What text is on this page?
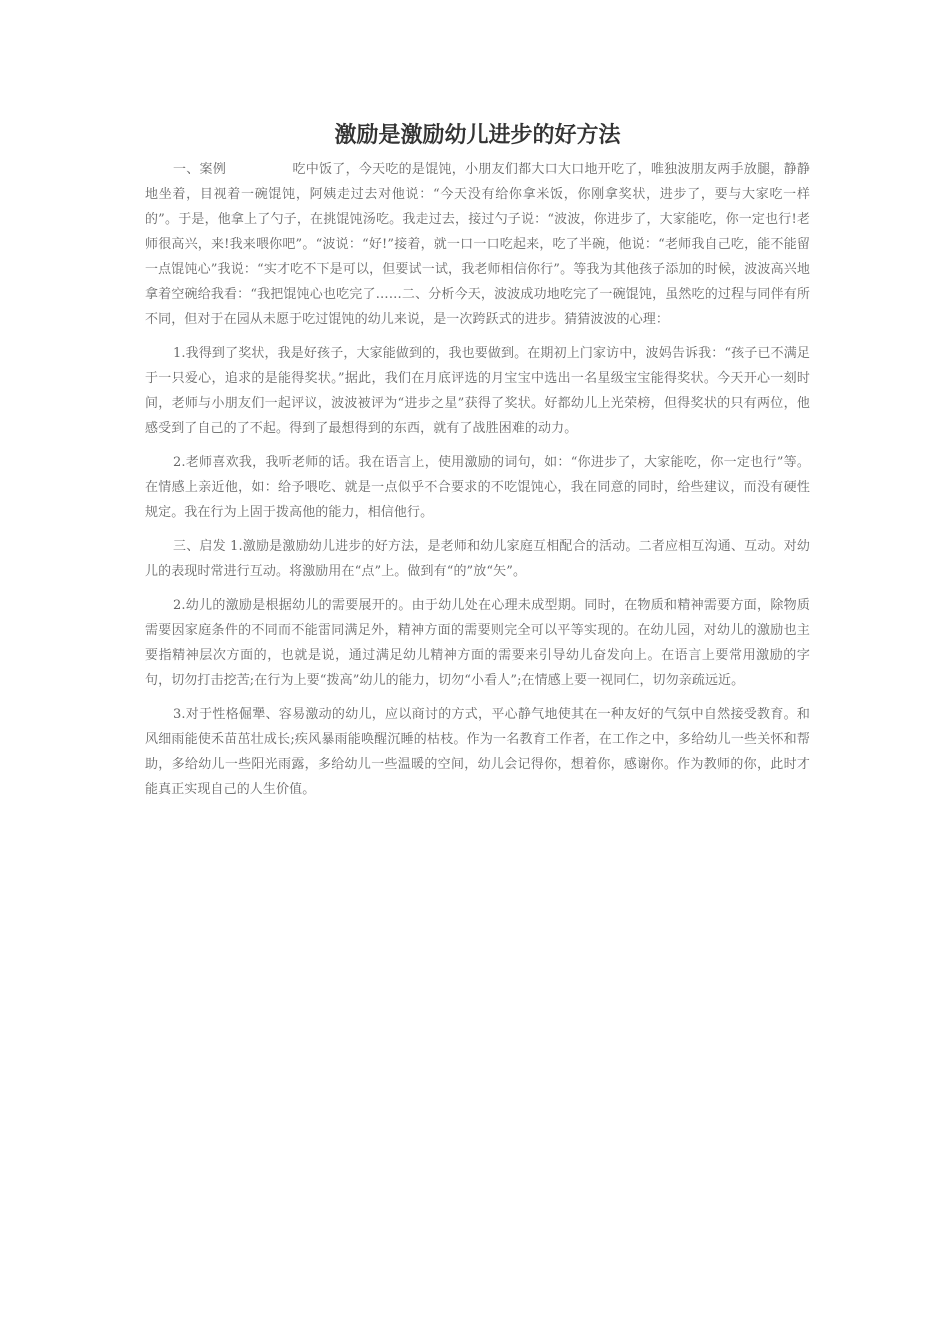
激励是激励幼儿进步的好方法

一、案例　　　　　吃中饭了，今天吃的是馄饨，小朋友们都大口大口地开吃了，唯独波朋友两手放腿，静静地坐着，目视着一碗馄饨，阿姨走过去对他说：“今天没有给你拿米饭，你刚拿奖状，进步了，要与大家吃一样的”。于是，他拿上了勺子，在挑馄饨汤吃。我走过去，接过勺子说：“波波，你进步了，大家能吃，你一定也行!老师很高兴，来!我来喂你吧”。“波说：“好!”接着，就一口一口吃起来，吃了半碗，他说：“老师我自己吃，能不能留一点馄饨心”我说：“实才吃不下是可以，但要试一试，我老师相信你行”。等我为其他孩子添加的时候，波波高兴地拿着空碗给我看：“我把馄饨心也吃完了……二、分析今天，波波成功地吃完了一碗馄饨，虽然吃的过程与同伴有所不同，但对于在园从未愿于吃过馄饨的幼儿来说，是一次跨跃式的进步。猜猜波波的心理：

1.我得到了奖状，我是好孩子，大家能做到的，我也要做到。在期初上门家访中，波妈告诉我：“孩子已不满足于一只爱心，追求的是能得奖状。”据此，我们在月底评选的月宝宝中选出一名星级宝宝能得奖状。今天开心一刻时间，老师与小朋友们一起评议，波波被评为“进步之星”获得了奖状。好都幼儿上光荣榜，但得奖状的只有两位，他感受到了自己的了不起。得到了最想得到的东西，就有了战胜困难的动力。

2.老师喜欢我，我听老师的话。我在语言上，使用激励的词句，如：“你进步了，大家能吃，你一定也行”等。在情感上亲近他，如：给予喂吃、就是一点似乎不合要求的不吃馄饨心，我在同意的同时，给些建议，而没有硬性规定。我在行为上固于拨高他的能力，相信他行。

三、启发 1.激励是激励幼儿进步的好方法，是老师和幼儿家庭互相配合的活动。二者应相互沟通、互动。对幼儿的表现时常进行互动。将激励用在“点”上。做到有“的”放“矢”。

2.幼儿的激励是根据幼儿的需要展开的。由于幼儿处在心理未成型期。同时，在物质和精神需要方面，除物质需要因家庭条件的不同而不能雷同满足外，精神方面的需要则完全可以平等实现的。在幼儿园，对幼儿的激励也主要指精神层次方面的，也就是说，通过满足幼儿精神方面的需要来引导幼儿奋发向上。在语言上要常用激励的字句，切勿打击挖苦;在行为上要“拨高”幼儿的能力，切勿“小看人”;在情感上要一视同仁，切勿亲疏远近。

3.对于性格倔犟、容易激动的幼儿，应以商讨的方式，平心静气地使其在一种友好的气氛中自然接受教育。和风细雨能使禾苗茁壮成长;疾风暴雨能唤醒沉睡的枯枝。作为一名教育工作者，在工作之中，多给幼儿一些关怀和帮助，多给幼儿一些阳光雨露，多给幼儿一些温暖的空间，幼儿会记得你，想着你，感谢你。作为教师的你，此时才能真正实现自己的人生价值。
